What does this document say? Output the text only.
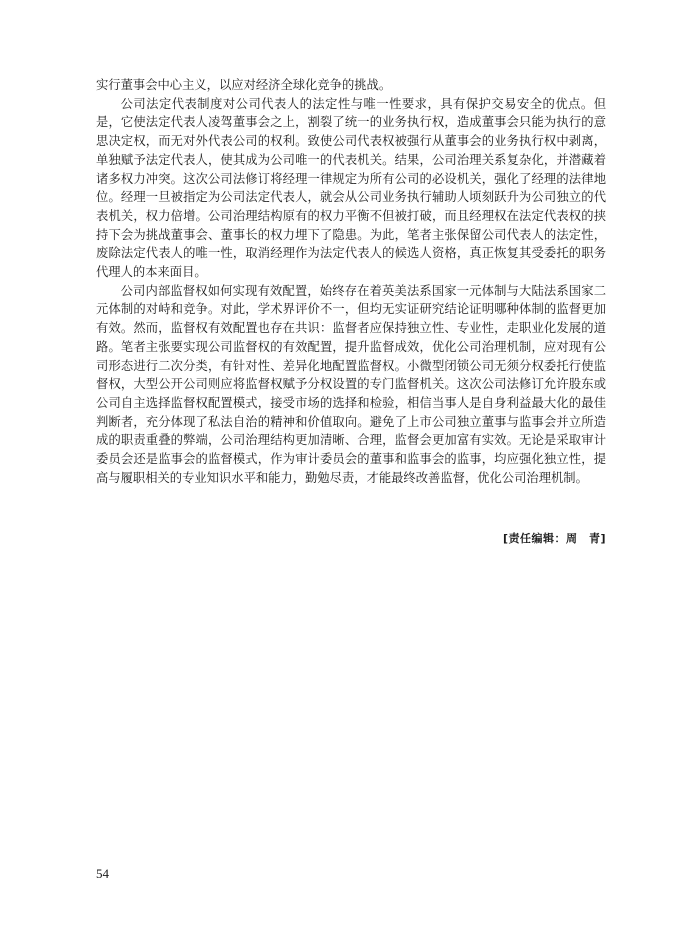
实行董事会中心主义，以应对经济全球化竞争的挑战。

公司法定代表制度对公司代表人的法定性与唯一性要求，具有保护交易安全的优点。但是，它使法定代表人凌驾董事会之上，割裂了统一的业务执行权，造成董事会只能为执行的意思决定权，而无对外代表公司的权利。致使公司代表权被强行从董事会的业务执行权中剥离，单独赋予法定代表人，使其成为公司唯一的代表机关。结果，公司治理关系复杂化，并潜藏着诸多权力冲突。这次公司法修订将经理一律规定为所有公司的必设机关，强化了经理的法律地位。经理一旦被指定为公司法定代表人，就会从公司业务执行辅助人顷刻跃升为公司独立的代表机关，权力倍增。公司治理结构原有的权力平衡不但被打破，而且经理权在法定代表权的挟持下会为挑战董事会、董事长的权力埋下了隐患。为此，笔者主张保留公司代表人的法定性，废除法定代表人的唯一性，取消经理作为法定代表人的候选人资格，真正恢复其受委托的职务代理人的本来面目。

公司内部监督权如何实现有效配置，始终存在着英美法系国家一元体制与大陆法系国家二元体制的对峙和竞争。对此，学术界评价不一，但均无实证研究结论证明哪种体制的监督更加有效。然而，监督权有效配置也存在共识：监督者应保持独立性、专业性，走职业化发展的道路。笔者主张要实现公司监督权的有效配置，提升监督成效，优化公司治理机制，应对现有公司形态进行二次分类，有针对性、差异化地配置监督权。小微型闭锁公司无须分权委托行使监督权，大型公开公司则应将监督权赋予分权设置的专门监督机关。这次公司法修订允许股东或公司自主选择监督权配置模式，接受市场的选择和检验，相信当事人是自身利益最大化的最佳判断者，充分体现了私法自治的精神和价值取向。避免了上市公司独立董事与监事会并立所造成的职责重叠的弊端，公司治理结构更加清晰、合理，监督会更加富有实效。无论是采取审计委员会还是监事会的监督模式，作为审计委员会的董事和监事会的监事，均应强化独立性，提高与履职相关的专业知识水平和能力，勤勉尽责，才能最终改善监督，优化公司治理机制。

[责任编辑：周　青]
54
